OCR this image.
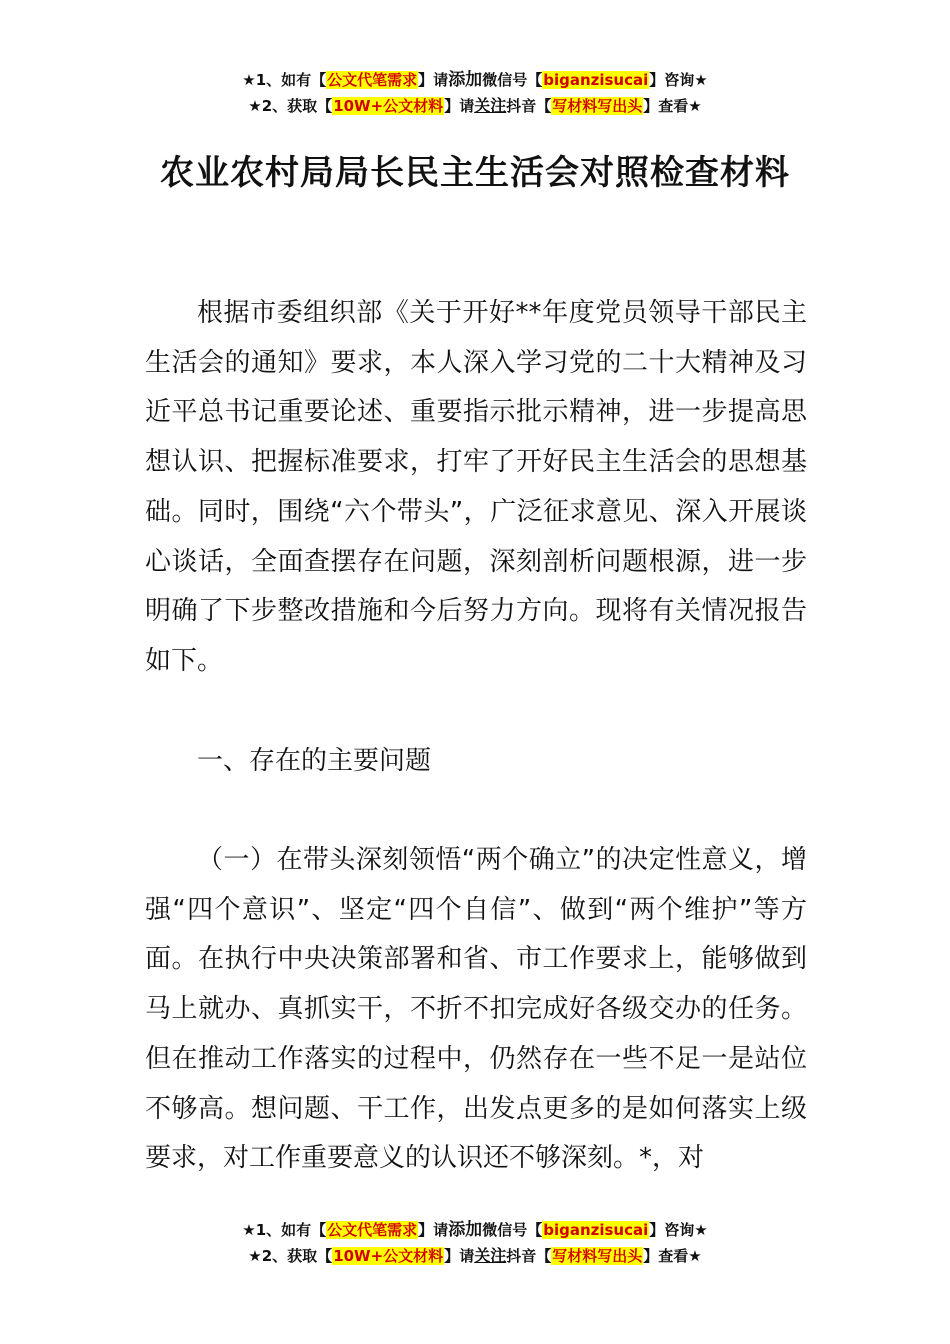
★1、如有【公文代笔需求】请添加微信号【biganzisucai】咨询★
★2、获取【10W+公文材料】请关注抖音【写材料写出头】查看★
农业农村局局长民主生活会对照检查材料

根据市委组织部《关于开好**年度党员领导干部民主生活会的通知》要求，本人深入学习党的二十大精神及习近平总书记重要论述、重要指示批示精神，进一步提高思想认识、把握标准要求，打牢了开好民主生活会的思想基础。同时，围绕“六个带头”，广泛征求意见、深入开展谈心谈话，全面查摆存在问题，深刻剖析问题根源，进一步明确了下步整改措施和今后努力方向。现将有关情况报告如下。

一、存在的主要问题

（一）在带头深刻领悟“两个确立”的决定性意义，增强“四个意识”、坚定“四个自信”、做到“两个维护”等方面。在执行中央决策部署和省、市工作要求上，能够做到马上就办、真抓实干，不折不扣完成好各级交办的任务。但在推动工作落实的过程中，仍然存在一些不足一是站位不够高。想问题、干工作，出发点更多的是如何落实上级要求，对工作重要意义的认识还不够深刻。*，对

★1、如有【公文代笔需求】请添加微信号【biganzisucai】咨询★
★2、获取【10W+公文材料】请关注抖音【写材料写出头】查看★
